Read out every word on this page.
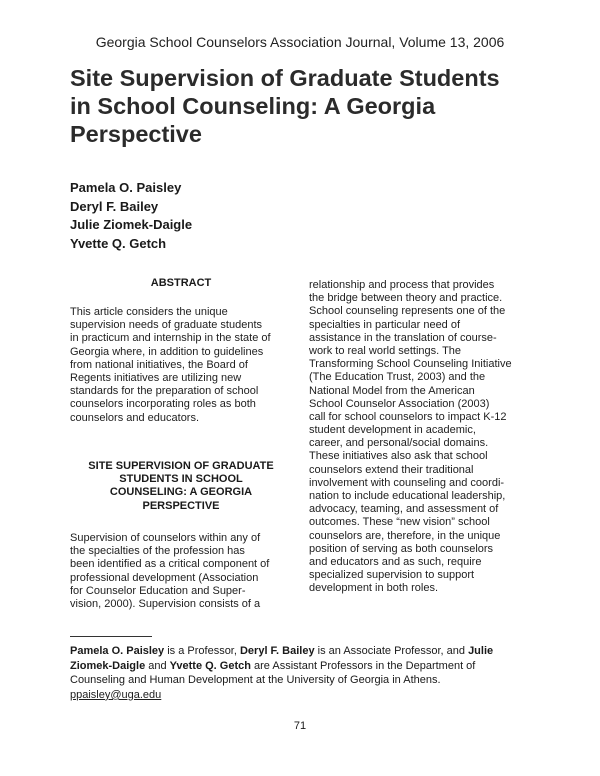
Georgia School Counselors Association Journal, Volume 13, 2006
Site Supervision of Graduate Students
in School Counseling: A Georgia
Perspective
Pamela O. Paisley
Deryl F. Bailey
Julie Ziomek-Daigle
Yvette Q. Getch
ABSTRACT
This article considers the unique
supervision needs of graduate students
in practicum and internship in the state of
Georgia where, in addition to guidelines
from national initiatives, the Board of
Regents initiatives are utilizing new
standards for the preparation of school
counselors incorporating roles as both
counselors and educators.
SITE SUPERVISION OF GRADUATE
STUDENTS IN SCHOOL
COUNSELING: A GEORGIA
PERSPECTIVE
Supervision of counselors within any of
the specialties of the profession has
been identified as a critical component of
professional development (Association
for Counselor Education and Super-
vision, 2000). Supervision consists of a
relationship and process that provides
the bridge between theory and practice.
School counseling represents one of the
specialties in particular need of
assistance in the translation of course-
work to real world settings. The
Transforming School Counseling Initiative
(The Education Trust, 2003) and the
National Model from the American
School Counselor Association (2003)
call for school counselors to impact K-12
student development in academic,
career, and personal/social domains.
These initiatives also ask that school
counselors extend their traditional
involvement with counseling and coordi-
nation to include educational leadership,
advocacy, teaming, and assessment of
outcomes. These “new vision” school
counselors are, therefore, in the unique
position of serving as both counselors
and educators and as such, require
specialized supervision to support
development in both roles.
Pamela O. Paisley is a Professor, Deryl F. Bailey is an Associate Professor, and Julie
Ziomek-Daigle and Yvette Q. Getch are Assistant Professors in the Department of
Counseling and Human Development at the University of Georgia in Athens.
ppaisley@uga.edu
71
